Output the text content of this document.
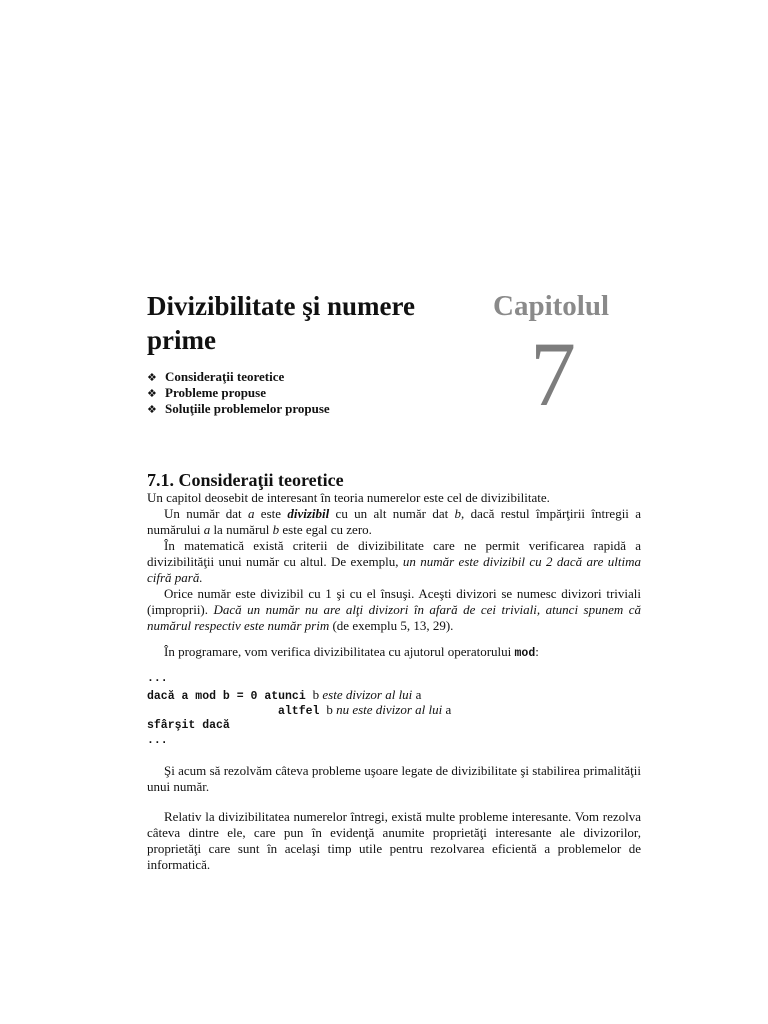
Divizibilitate şi numere prime
Capitolul
7
❖ Consideraţii teoretice
❖ Probleme propuse
❖ Soluţiile problemelor propuse
7.1. Consideraţii teoretice

Un capitol deosebit de interesant în teoria numerelor este cel de divizibilitate.

Un număr dat a este divizibil cu un alt număr dat b, dacă restul împărţirii întregii a numărului a la numărul b este egal cu zero.

În matematică există criterii de divizibilitate care ne permit verificarea rapidă a divizibilităţii unui număr cu altul. De exemplu, un număr este divizibil cu 2 dacă are ultima cifră pară.

Orice număr este divizibil cu 1 şi cu el însuşi. Aceşti divizori se numesc divizori triviali (improprii). Dacă un număr nu are alţi divizori în afară de cei triviali, atunci spunem că numărul respectiv este număr prim (de exemplu 5, 13, 29).

În programare, vom verifica divizibilitatea cu ajutorul operatorului mod:

...
dacă a mod b = 0 atunci b este divizor al lui a
altfel b nu este divizor al lui a
sfârşit dacă
...

Şi acum să rezolvăm câteva probleme uşoare legate de divizibilitate şi stabilirea primalităţii unui număr.

Relativ la divizibilitatea numerelor întregi, există multe probleme interesante. Vom rezolva câteva dintre ele, care pun în evidenţă anumite proprietăţi interesante ale divizorilor, proprietăţi care sunt în acelaşi timp utile pentru rezolvarea eficientă a problemelor de informatică.
